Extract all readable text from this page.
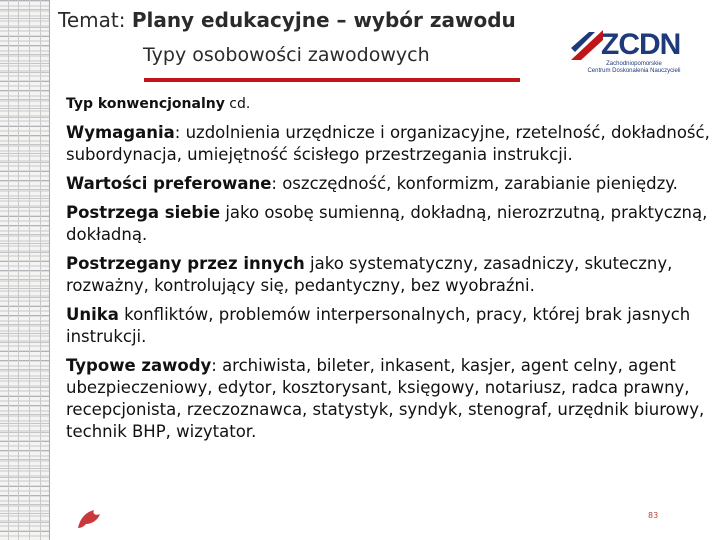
Temat: Plany edukacyjne – wybór zawodu
Typy osobowości zawodowych	ZCDN
Zachodniopomorskie
Centrum Doskonalenia Nauczycieli
Typ konwencjonalny cd.

Wymagania: uzdolnienia urzędnicze i organizacyjne, rzetelność, dokładność, subordynacja, umiejętność ścisłego przestrzegania instrukcji.

Wartości preferowane: oszczędność, konformizm, zarabianie pieniędzy.

Postrzega siebie jako osobę sumienną, dokładną, nierozrzutną, praktyczną, dokładną.

Postrzegany przez innych jako systematyczny, zasadniczy, skuteczny, rozważny, kontrolujący się, pedantyczny, bez wyobraźni.

Unika konfliktów, problemów interpersonalnych, pracy, której brak jasnych instrukcji.

Typowe zawody: archiwista, bileter, inkasent, kasjer, agent celny, agent ubezpieczeniowy, edytor, kosztorysant, księgowy, notariusz, radca prawny, recepcjonista, rzeczoznawca, statystyk, syndyk, stenograf, urzędnik biurowy, technik BHP, wizytator.

83
